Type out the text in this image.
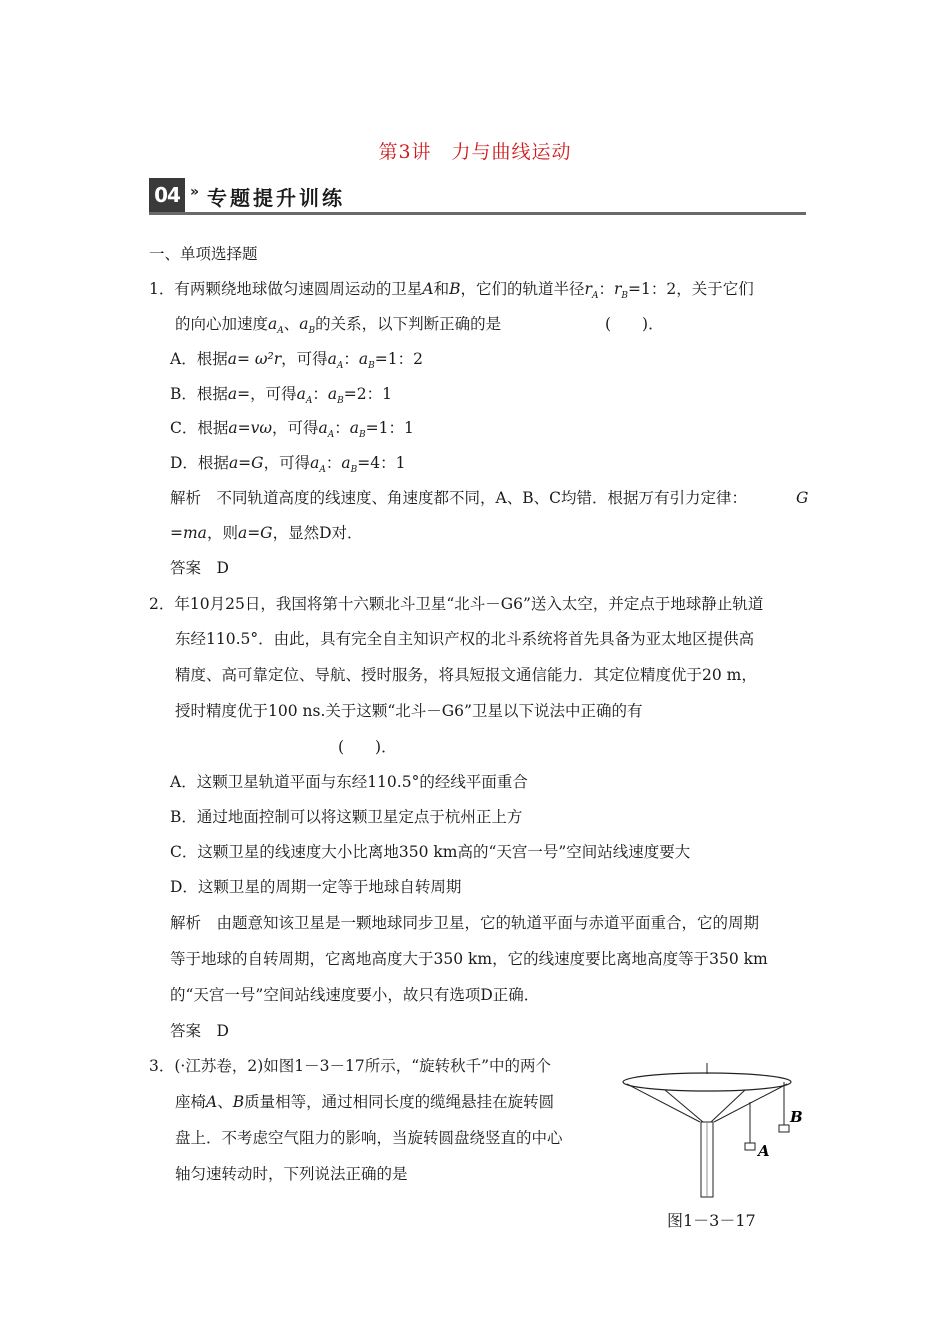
第3讲　力与曲线运动
04 » 专题提升训练
一、单项选择题
1．有两颗绕地球做匀速圆周运动的卫星A和B，它们的轨道半径$r_A$：$r_B=1$：2，关于它们
的向心加速度$a_A$、$a_B$的关系，以下判断正确的是	(　　)．
A．根据a= ω²r，可得$a_A$：$a_B=1$：2
B．根据a=，可得$a_A$：$a_B=2$：1
C．根据a=vω，可得$a_A$：$a_B=1$：1
D．根据a=G，可得$a_A$：$a_B=4$：1
解析　不同轨道高度的线速度、角速度都不同，A、B、C均错．根据万有引力定律：	G
=ma，则a=G，显然D对．
答案　D
2．年10月25日，我国将第十六颗北斗卫星“北斗－G6”送入太空，并定点于地球静止轨道
东经110.5°．由此，具有完全自主知识产权的北斗系统将首先具备为亚太地区提供高
精度、高可靠定位、导航、授时服务，将具短报文通信能力．其定位精度优于20 m，
授时精度优于100 ns.关于这颗“北斗－G6”卫星以下说法中正确的有
(　　)．
A．这颗卫星轨道平面与东经110.5°的经线平面重合
B．通过地面控制可以将这颗卫星定点于杭州正上方
C．这颗卫星的线速度大小比离地350 km高的“天宫一号”空间站线速度要大
D．这颗卫星的周期一定等于地球自转周期
解析　由题意知该卫星是一颗地球同步卫星，它的轨道平面与赤道平面重合，它的周期
等于地球的自转周期，它离地高度大于350 km，它的线速度要比离地高度等于350 km
的“天宫一号”空间站线速度要小，故只有选项D正确．
答案　D
3．(·江苏卷，2)如图1－3－17所示，“旋转秋千”中的两个
座椅A、B质量相等，通过相同长度的缆绳悬挂在旋转圆
盘上．不考虑空气阻力的影响，当旋转圆盘绕竖直的中心
轴匀速转动时，下列说法正确的是
A
B
图1－3－17
